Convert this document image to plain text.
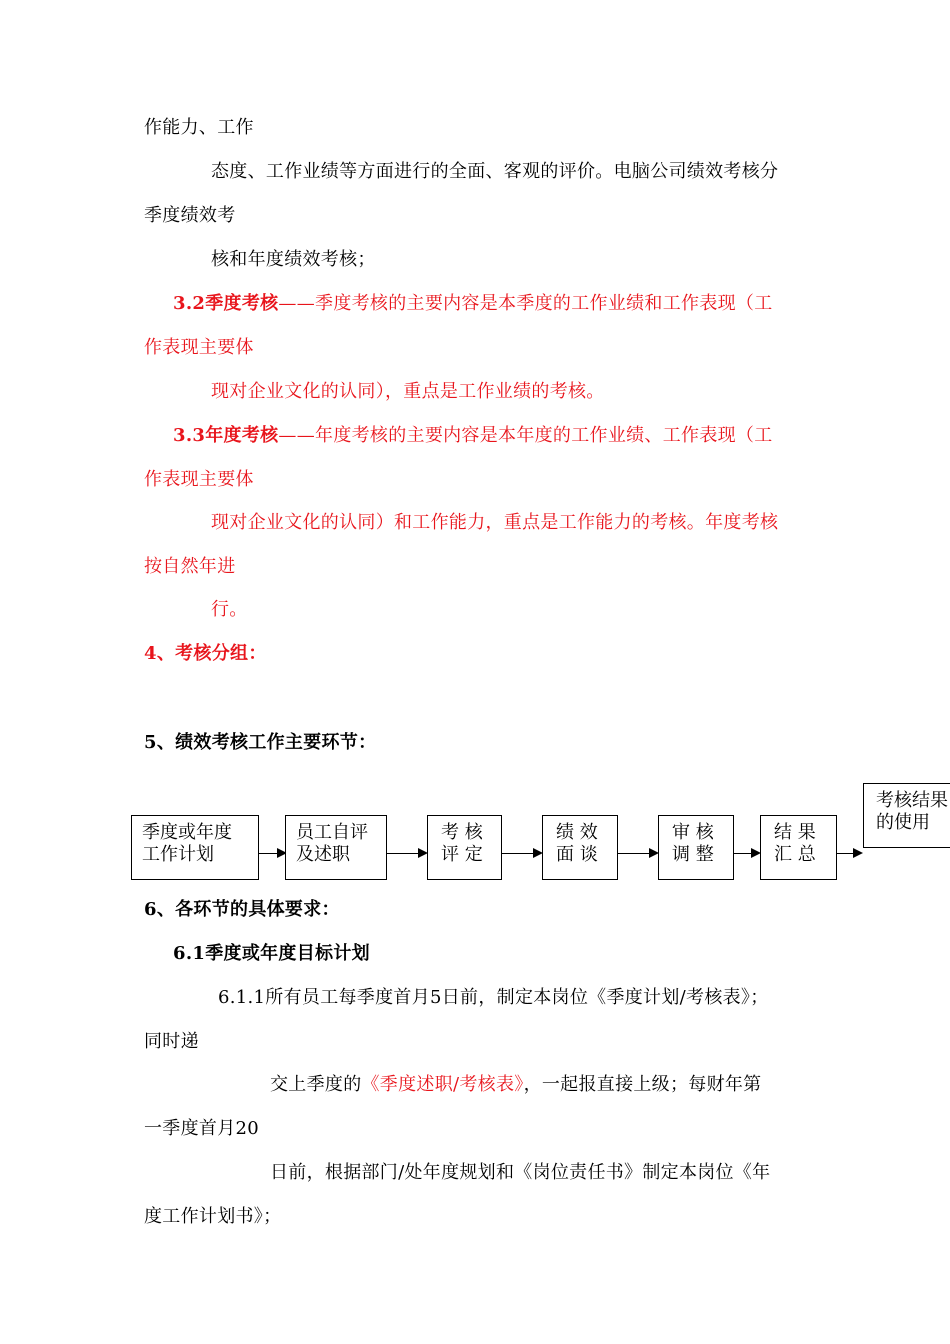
作能力、工作
态度、工作业绩等方面进行的全面、客观的评价。电脑公司绩效考核分
季度绩效考
核和年度绩效考核；
3.2季度考核——季度考核的主要内容是本季度的工作业绩和工作表现（工
作表现主要体
现对企业文化的认同），重点是工作业绩的考核。
3.3年度考核——年度考核的主要内容是本年度的工作业绩、工作表现（工
作表现主要体
现对企业文化的认同）和工作能力，重点是工作能力的考核。年度考核
按自然年进
行。
4、考核分组：
5、绩效考核工作主要环节：
季度或年度
工作计划
员工自评
及述职
考 核
评 定
绩 效
面 谈
审 核
调 整
结 果
汇 总
考核结果
的使用
6、各环节的具体要求：
6.1季度或年度目标计划
6.1.1所有员工每季度首月5日前，制定本岗位《季度计划/考核表》；
同时递
交上季度的《季度述职/考核表》，一起报直接上级；每财年第
一季度首月20
日前，根据部门/处年度规划和《岗位责任书》制定本岗位《年
度工作计划书》；
